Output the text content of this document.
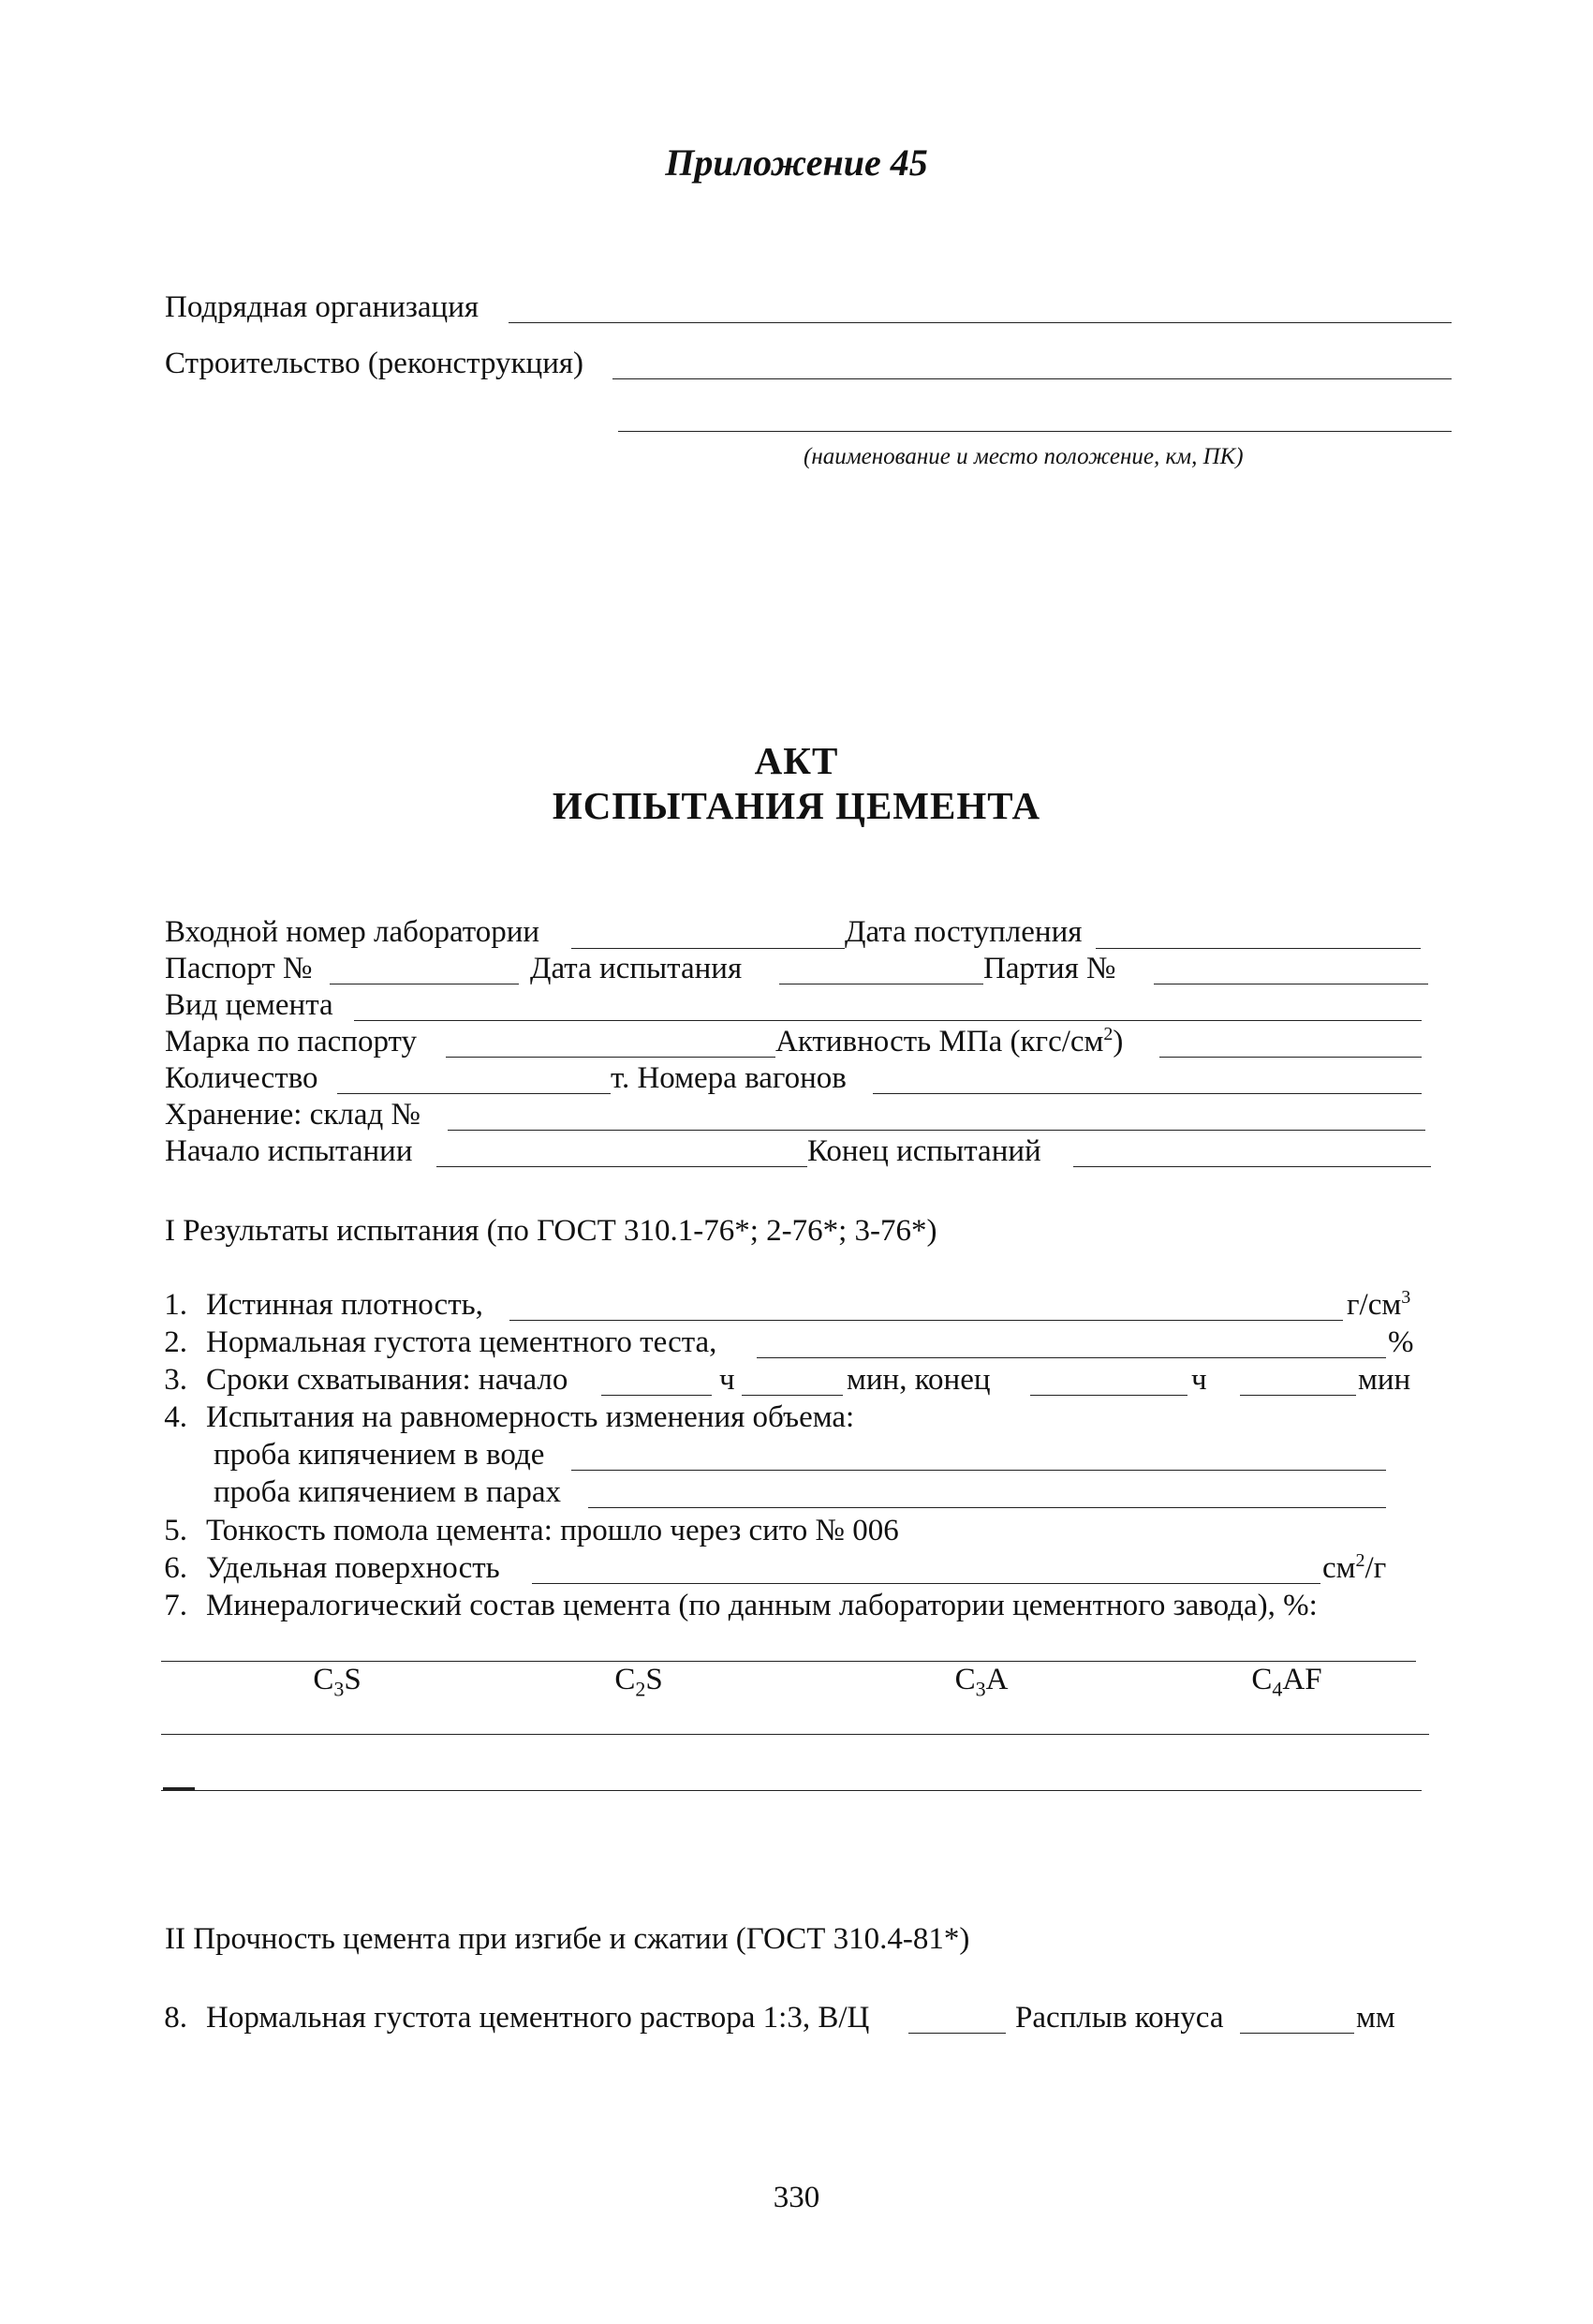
Приложение 45
Подрядная организация
Строительство (реконструкция)
(наименование и место положение, км, ПК)
АКТ
ИСПЫТАНИЯ ЦЕМЕНТА
Входной номер лаборатории	Дата поступления
Паспорт №	Дата испытания	Партия №
Вид цемента
Марка по паспорту	Активность МПа $(кгс/см^2)$
Количество	т. Номера вагонов
Хранение: склад №
Начало испытании	Конец испытаний
I Результаты испытания (по ГОСТ 310.1-76*; 2-76*; 3-76*)
1. Истинная плотность,	$г/см^3$
2. Нормальная густота цементного теста,	%
3. Сроки схватывания: начало	ч	мин, конец	ч	мин
4. Испытания на равномерность изменения объема:
проба кипячением в воде
проба кипячением в парах
5. Тонкость помола цемента: прошло через сито № 006
6. Удельная поверхность	$см^2/г$
7. Минералогический состав цемента (по данным лаборатории цементного завода), %:
$C_3S$	$C_2S$	$C_3A$	$C_4AF$
II Прочность цемента при изгибе и сжатии (ГОСТ 310.4-81*)
8. Нормальная густота цементного раствора 1:3, В/Ц	Расплыв конуса	мм
330
